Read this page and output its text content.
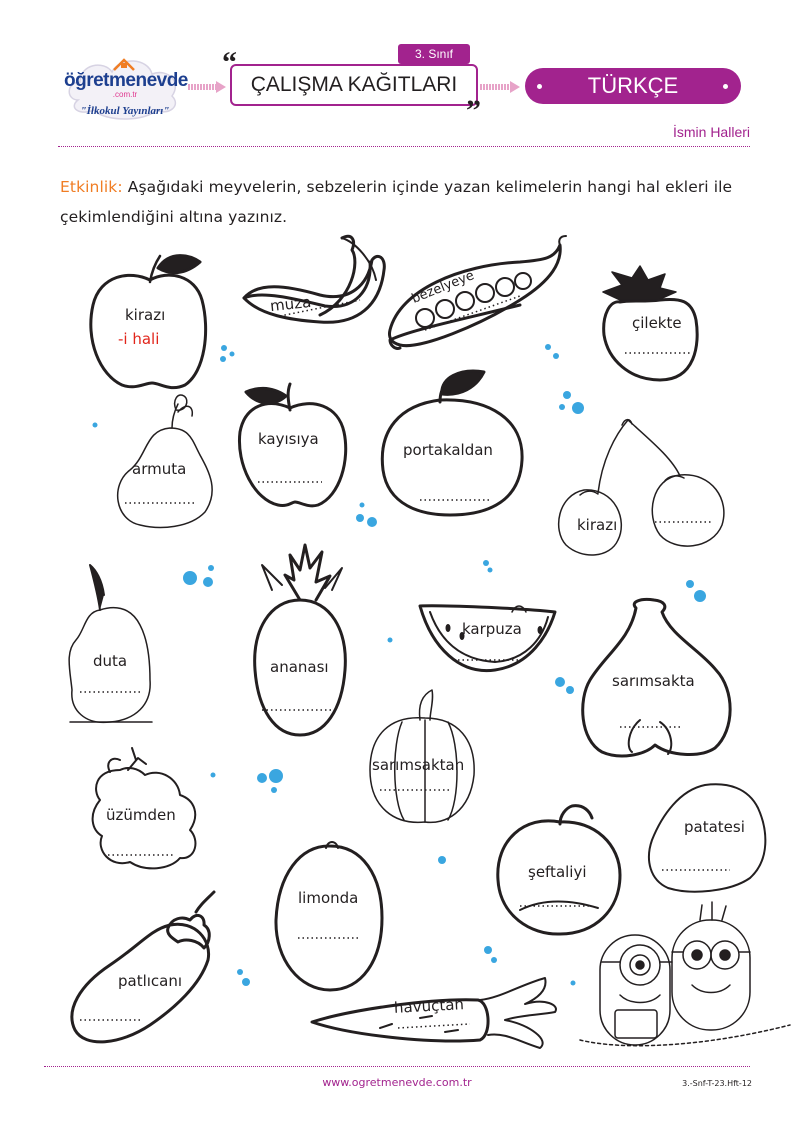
öğretmenevde
.com.tr
"İlkokul Yayınları"
3. Sınıf
“
ÇALIŞMA KAĞITLARI
”
TÜRKÇE
İsmin Halleri
Etkinlik: Aşağıdaki meyvelerin, sebzelerin içinde yazan kelimelerin hangi hal ekleri ile çekimlendiğini altına yazınız.
kirazı
-i hali
muza	bezelyeye
çilekte
armuta
kayısıya
portakaldan
kirazı
duta	ananası
karpuza
sarımsakta
sarımsaktan
üzümden
limonda
şeftaliyi
patatesi
patlıcanı
havuçtan
www.ogretmenevde.com.tr	3.-Snf-T-23.Hft-12
